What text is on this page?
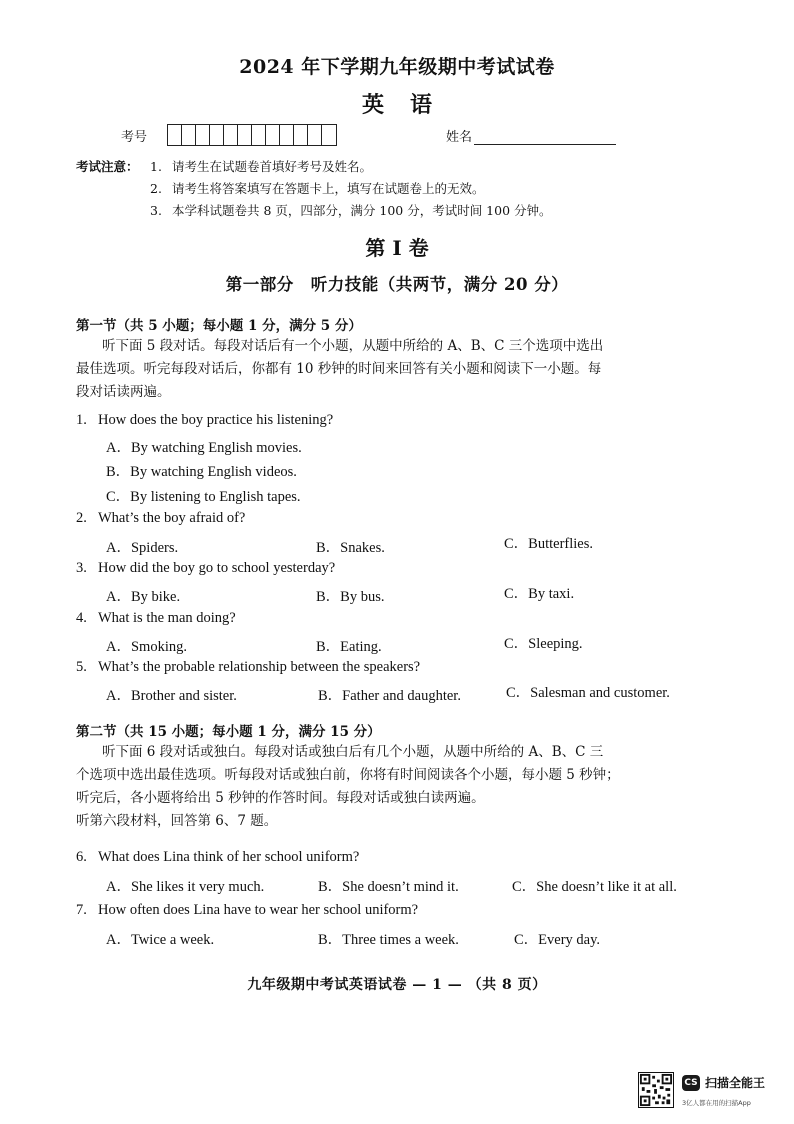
2024 年下学期九年级期中考试试卷
英语
考号	姓名
考试注意： 1. 请考生在试题卷首填好考号及姓名。
2. 请考生将答案填写在答题卡上，填写在试题卷上的无效。
3. 本学科试题卷共 8 页，四部分，满分 100 分，考试时间 100 分钟。
第 I 卷
第一部分　听力技能（共两节，满分 20 分）
第一节（共 5 小题；每小题 1 分，满分 5 分）
听下面 5 段对话。每段对话后有一个小题，从题中所给的 A、B、C 三个选项中选出
最佳选项。听完每段对话后，你都有 10 秒钟的时间来回答有关小题和阅读下一小题。每
段对话读两遍。
1. How does the boy practice his listening?
A．By watching English movies.
B．By watching English videos.
C．By listening to English tapes.
2. What’s the boy afraid of?
A．Spiders.	B．Snakes.	C．Butterflies.
3. How did the boy go to school yesterday?
A．By bike.	B．By bus.	C．By taxi.
4. What is the man doing?
A．Smoking.	B．Eating.	C．Sleeping.
5. What’s the probable relationship between the speakers?
A．Brother and sister.	B．Father and daughter.	C．Salesman and customer.
第二节（共 15 小题；每小题 1 分，满分 15 分）
听下面 6 段对话或独白。每段对话或独白后有几个小题，从题中所给的 A、B、C 三
个选项中选出最佳选项。听每段对话或独白前，你将有时间阅读各个小题，每小题 5 秒钟；
听完后，各小题将给出 5 秒钟的作答时间。每段对话或独白读两遍。
听第六段材料，回答第 6、7 题。
6. What does Lina think of her school uniform?
A．She likes it very much.	B．She doesn’t mind it.	C．She doesn’t like it at all.
7. How often does Lina have to wear her school uniform?
A．Twice a week.	B．Three times a week.	C．Every day.
九年级期中考试英语试卷 — 1 — （共 8 页）
CS 扫描全能王
3亿人都在用的扫描App
